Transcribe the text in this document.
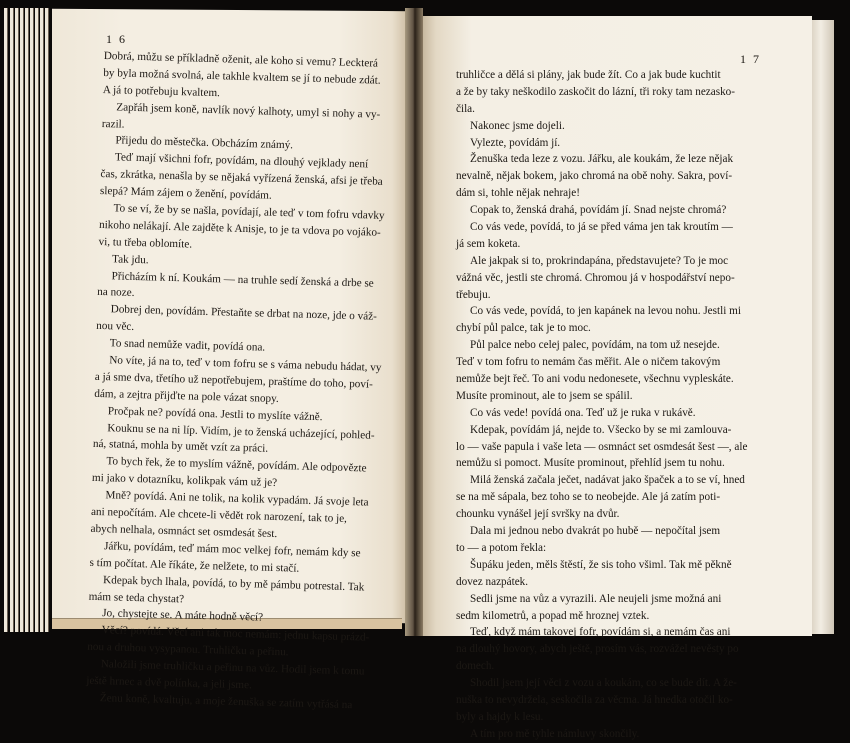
1 6
1 7
Dobrá, můžu se příkladně oženit, ale koho si vemu? Leckterá
by byla možná svolná, ale takhle kvaltem se jí to nebude zdát.
A já to potřebuju kvaltem.
Zapřáh jsem koně, navlík nový kalhoty, umyl si nohy a vy-
razil.
Přijedu do městečka. Obcházím známý.
Teď mají všichni fofr, povídám, na dlouhý vejklady není
čas, zkrátka, nenašla by se nějaká vyřízená ženská, afsi je třeba
slepá? Mám zájem o ženění, povídám.
To se ví, že by se našla, povídají, ale teď v tom fofru vdavky
nikoho nelákají. Ale zajděte k Anisje, to je ta vdova po vojáko-
vi, tu třeba oblomíte.
Tak jdu.
Přicházím k ní. Koukám — na truhle sedí ženská a drbe se
na noze.
Dobrej den, povídám. Přestaňte se drbat na noze, jde o váž-
nou věc.
To snad nemůže vadit, povídá ona.
No víte, já na to, teď v tom fofru se s váma nebudu hádat, vy
a já sme dva, třetího už nepotřebujem, praštíme do toho, poví-
dám, a zejtra přijďte na pole vázat snopy.
Pročpak ne? povídá ona. Jestli to myslíte vážně.
Kouknu se na ni líp. Vidím, je to ženská ucházející, pohled-
ná, statná, mohla by umět vzít za práci.
To bych řek, že to myslím vážně, povídám. Ale odpovězte
mi jako v dotazníku, kolikpak vám už je?
Mně? povídá. Ani ne tolik, na kolik vypadám. Já svoje leta
ani nepočítám. Ale chcete-li vědět rok narození, tak to je,
abych nelhala, osmnáct set osmdesát šest.
Jářku, povídám, teď mám moc velkej fofr, nemám kdy se
s tím počítat. Ale říkáte, že nelžete, to mi stačí.
Kdepak bych lhala, povídá, to by mě pámbu potrestal. Tak
mám se teda chystat?
Jo, chystejte se. A máte hodně věcí?
Věcí? povídá. Věcí ani tak moc nemám: jednu kapsu prázd-
nou a druhou vysypanou. Truhličku a peřinu.
Naložili jsme truhličku a peřinu na vůz. Hodil jsem k tomu
ještě hrnec a dvě polínka, a jeli jsme.
Ženu koně, kvaltuju, a moje ženuška se zatím vytřásá na
truhličce a dělá si plány, jak bude žít. Co a jak bude kuchtit
a že by taky neškodilo zaskočit do lázní, tři roky tam nezasko-
čila.
Nakonec jsme dojeli.
Vylezte, povídám jí.
Ženuška teda leze z vozu. Jářku, ale koukám, že leze nějak
nevalně, nějak bokem, jako chromá na obě nohy. Sakra, poví-
dám si, tohle nějak nehraje!
Copak to, ženská drahá, povídám jí. Snad nejste chromá?
Co vás vede, povídá, to já se před váma jen tak kroutím —
já sem koketa.
Ale jakpak si to, prokrindapána, představujete? To je moc
vážná věc, jestli ste chromá. Chromou já v hospodářství nepo-
třebuju.
Co vás vede, povídá, to jen kapánek na levou nohu. Jestli mi
chybí půl palce, tak je to moc.
Půl palce nebo celej palec, povídám, na tom už nesejde.
Teď v tom fofru to nemám čas měřit. Ale o ničem takovým
nemůže bejt řeč. To ani vodu nedonesete, všechnu vypleskáte.
Musíte prominout, ale to jsem se spálil.
Co vás vede! povídá ona. Teď už je ruka v rukávě.
Kdepak, povídám já, nejde to. Všecko by se mi zamlouva-
lo — vaše papula i vaše leta — osmnáct set osmdesát šest —, ale
nemůžu si pomoct. Musíte prominout, přehlíd jsem tu nohu.
Milá ženská začala ječet, nadávat jako špaček a to se ví, hned
se na mě sápala, bez toho se to neobejde. Ale já zatím poti-
chounku vynášel její svršky na dvůr.
Dala mi jednou nebo dvakrát po hubě — nepočítal jsem
to — a potom řekla:
Šupáku jeden, měls štěstí, že sis toho všiml. Tak mě pěkně
dovez nazpátek.
Sedli jsme na vůz a vyrazili. Ale neujeli jsme možná ani
sedm kilometrů, a popad mě hroznej vztek.
Teď, když mám takovej fofr, povídám si, a nemám čas ani
na dlouhý hovory, abych ještě, prosím vás, rozvážel nevěsty po
domech.
Shodil jsem její věci z vozu a koukám, co se bude dít. A že-
nuška to nevydržela, seskočila za věcma. Já hnedka otočil ko-
byly a hajdy k lesu.
A tím pro mě tyhle námluvy skončily.
